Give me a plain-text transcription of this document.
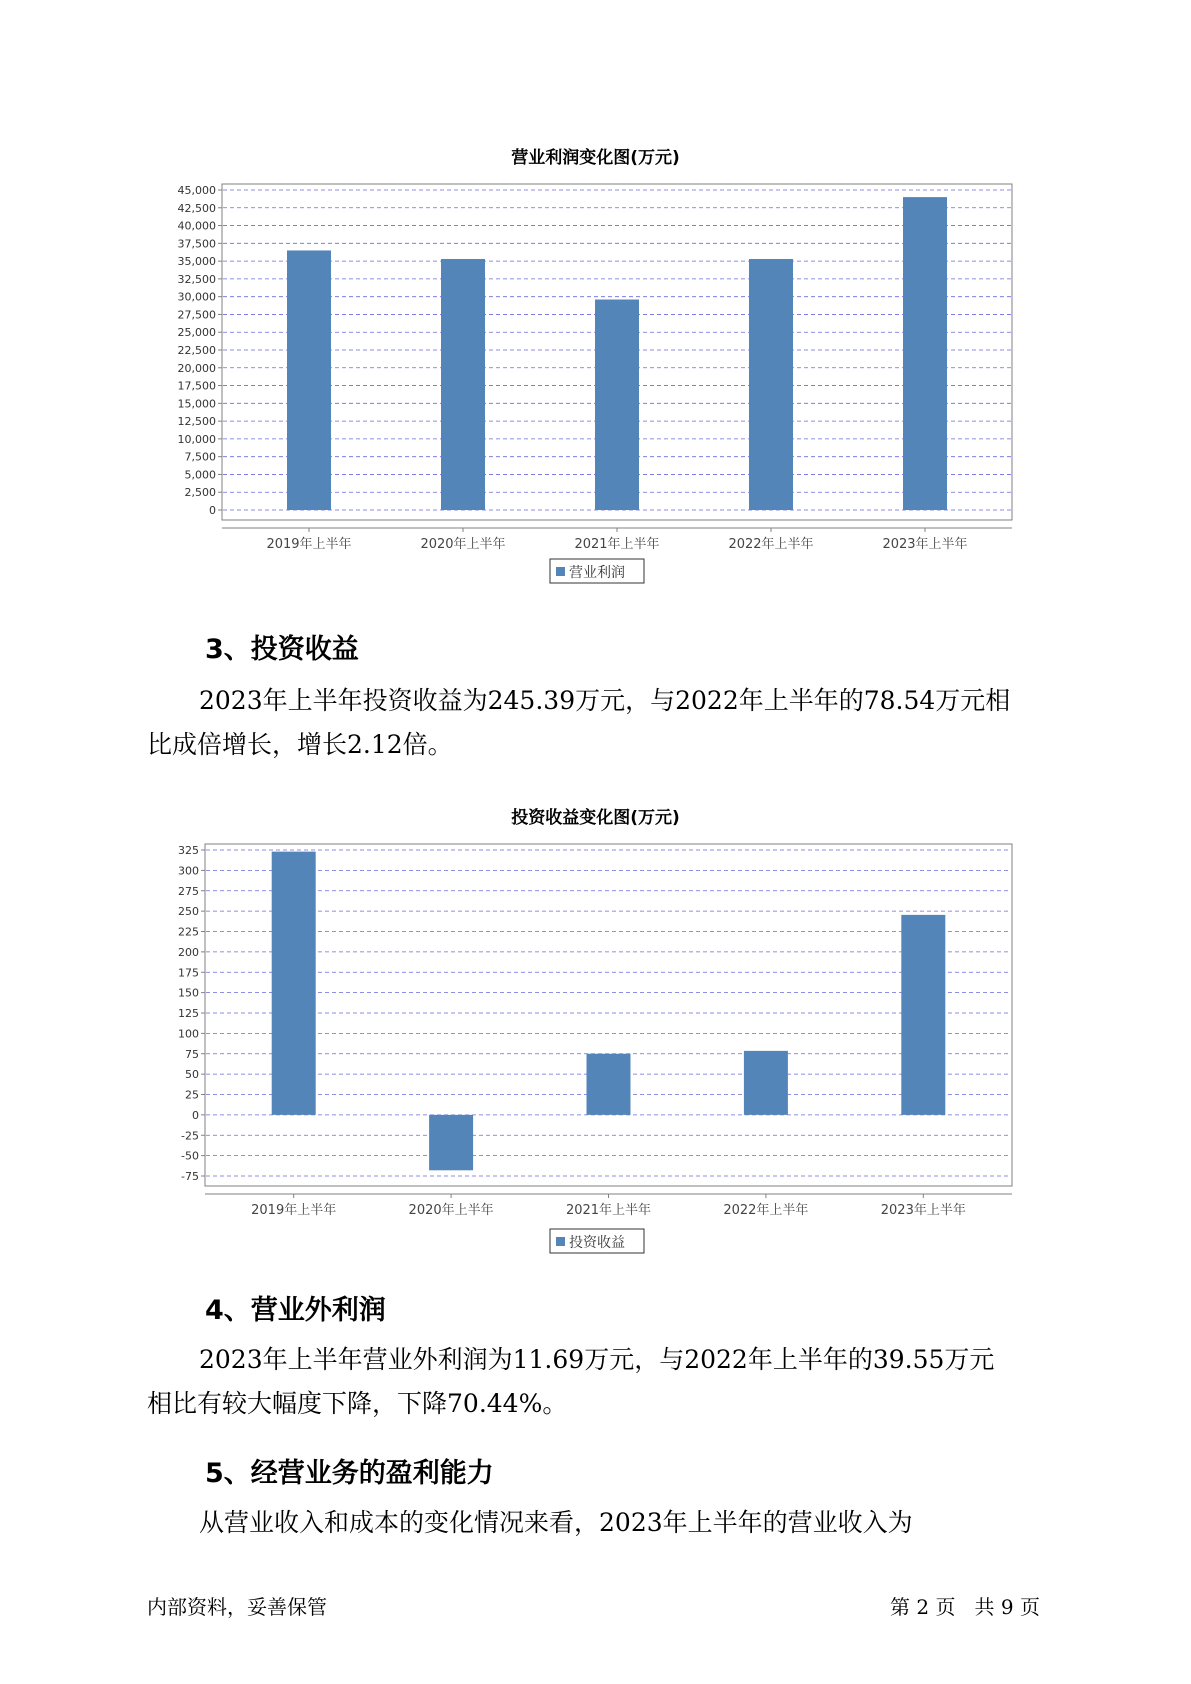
营业利润变化图(万元)
0
2,500
5,000
7,500
10,000
12,500
15,000
17,500
20,000
22,500
25,000
27,500
30,000
32,500
35,000
37,500
40,000
42,500
45,000
2019年上半年	2020年上半年	2021年上半年	2022年上半年	2023年上半年
营业利润
3、投资收益
2023年上半年投资收益为245.39万元，与2022年上半年的78.54万元相
比成倍增长，增长2.12倍。
投资收益变化图(万元)
-75
-50
-25
0
25
50
75
100
125
150
175
200
225
250
275
300
325
2019年上半年	2020年上半年	2021年上半年	2022年上半年	2023年上半年
投资收益
4、营业外利润
2023年上半年营业外利润为11.69万元，与2022年上半年的39.55万元
相比有较大幅度下降，下降70.44%。
5、经营业务的盈利能力
从营业收入和成本的变化情况来看，2023年上半年的营业收入为
内部资料，妥善保管	第 2 页   共 9 页
